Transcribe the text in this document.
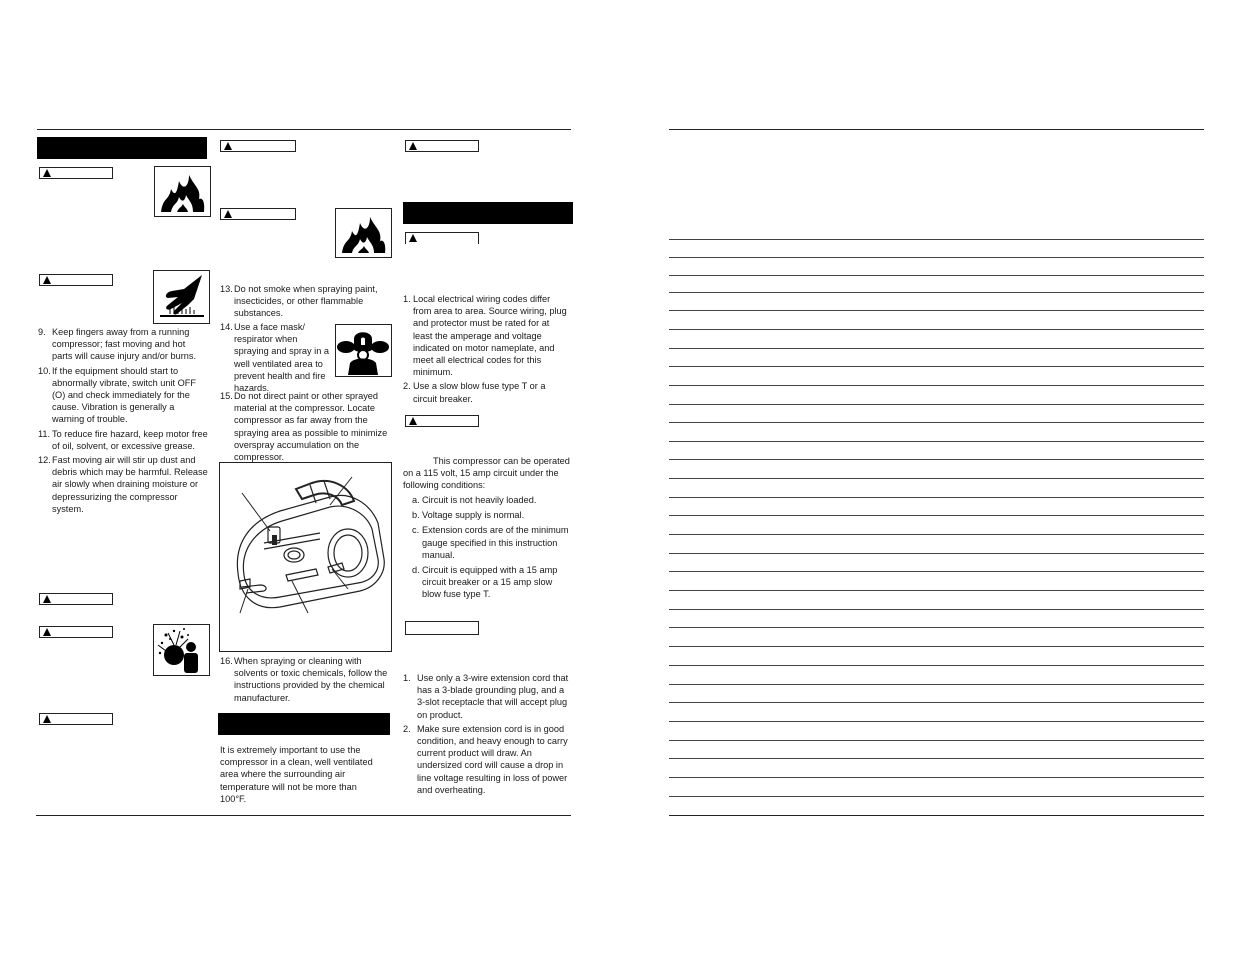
9. Keep fingers away from a running compressor; fast moving and hot parts will cause injury and/or burns.
10. If the equipment should start to abnormally vibrate, switch unit OFF (O) and check immediately for the cause. Vibration is generally a warning of trouble.
11. To reduce fire hazard, keep motor free of oil, solvent, or excessive grease.
12. Fast moving air will stir up dust and debris which may be harmful. Release air slowly when draining moisture or depressurizing the compressor system.
13. Do not smoke when spraying paint, insecticides, or other flammable substances.
14. Use a face mask/ respirator when spraying and spray in a well ventilated area to prevent health and fire hazards.
15. Do not direct paint or other sprayed material at the compressor. Locate compressor as far away from the spraying area as possible to minimize overspray accumulation on the compressor.
16. When spraying or cleaning with solvents or toxic chemicals, follow the instructions provided by the chemical manufacturer.
It is extremely important to use the compressor in a clean, well ventilated area where the surrounding air temperature will not be more than 100°F.
1. Local electrical wiring codes differ from area to area. Source wiring, plug and protector must be rated for at least the amperage and voltage indicated on motor nameplate, and meet all electrical codes for this minimum.
2. Use a slow blow fuse type T or a circuit breaker.
This compressor can be operated on a 115 volt, 15 amp circuit under the following conditions:
a. Circuit is not heavily loaded.
b. Voltage supply is normal.
c. Extension cords are of the minimum gauge specified in this instruction manual.
d. Circuit is equipped with a 15 amp circuit breaker or a 15 amp slow blow fuse type T.
1. Use only a 3-wire extension cord that has a 3-blade grounding plug, and a 3-slot receptacle that will accept plug on product.
2. Make sure extension cord is in good condition, and heavy enough to carry current product will draw. An undersized cord will cause a drop in line voltage resulting in loss of power and overheating.
